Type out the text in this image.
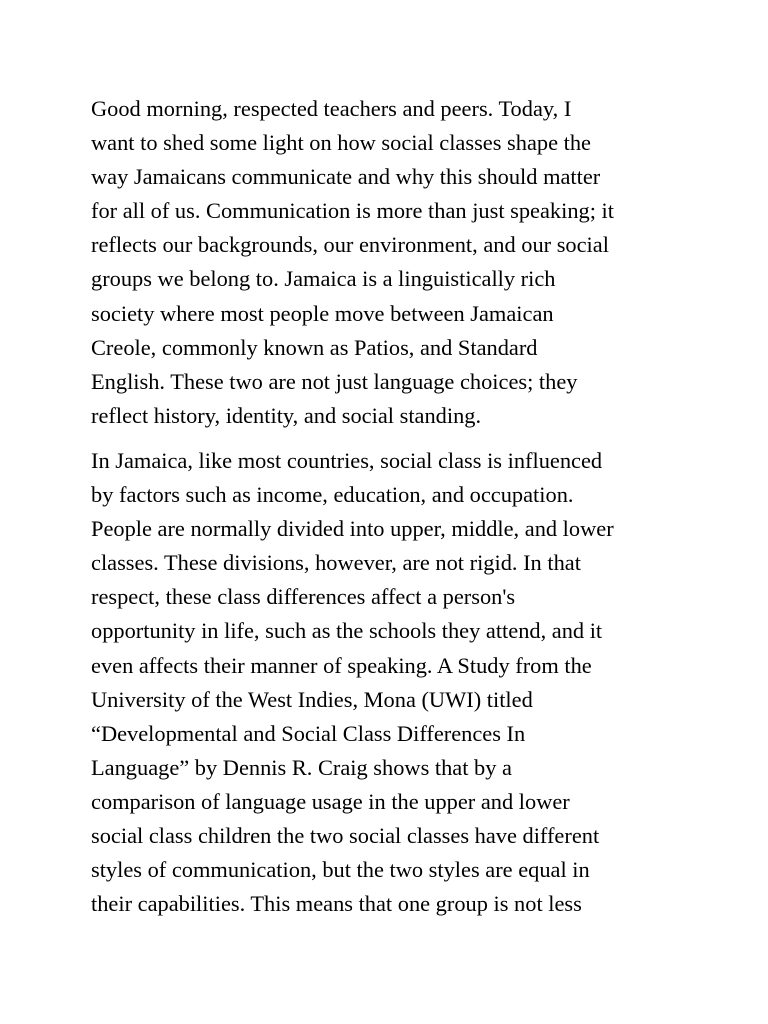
Good morning, respected teachers and peers. Today, I
want to shed some light on how social classes shape the
way Jamaicans communicate and why this should matter
for all of us. Communication is more than just speaking; it
reflects our backgrounds, our environment, and our social
groups we belong to. Jamaica is a linguistically rich
society where most people move between Jamaican
Creole, commonly known as Patios, and Standard
English. These two are not just language choices; they
reflect history, identity, and social standing.

In Jamaica, like most countries, social class is influenced
by factors such as income, education, and occupation.
People are normally divided into upper, middle, and lower
classes. These divisions, however, are not rigid. In that
respect, these class differences affect a person's
opportunity in life, such as the schools they attend, and it
even affects their manner of speaking. A Study from the
University of the West Indies, Mona (UWI) titled
“Developmental and Social Class Differences In
Language” by Dennis R. Craig shows that by a
comparison of language usage in the upper and lower
social class children the two social classes have different
styles of communication, but the two styles are equal in
their capabilities. This means that one group is not less
